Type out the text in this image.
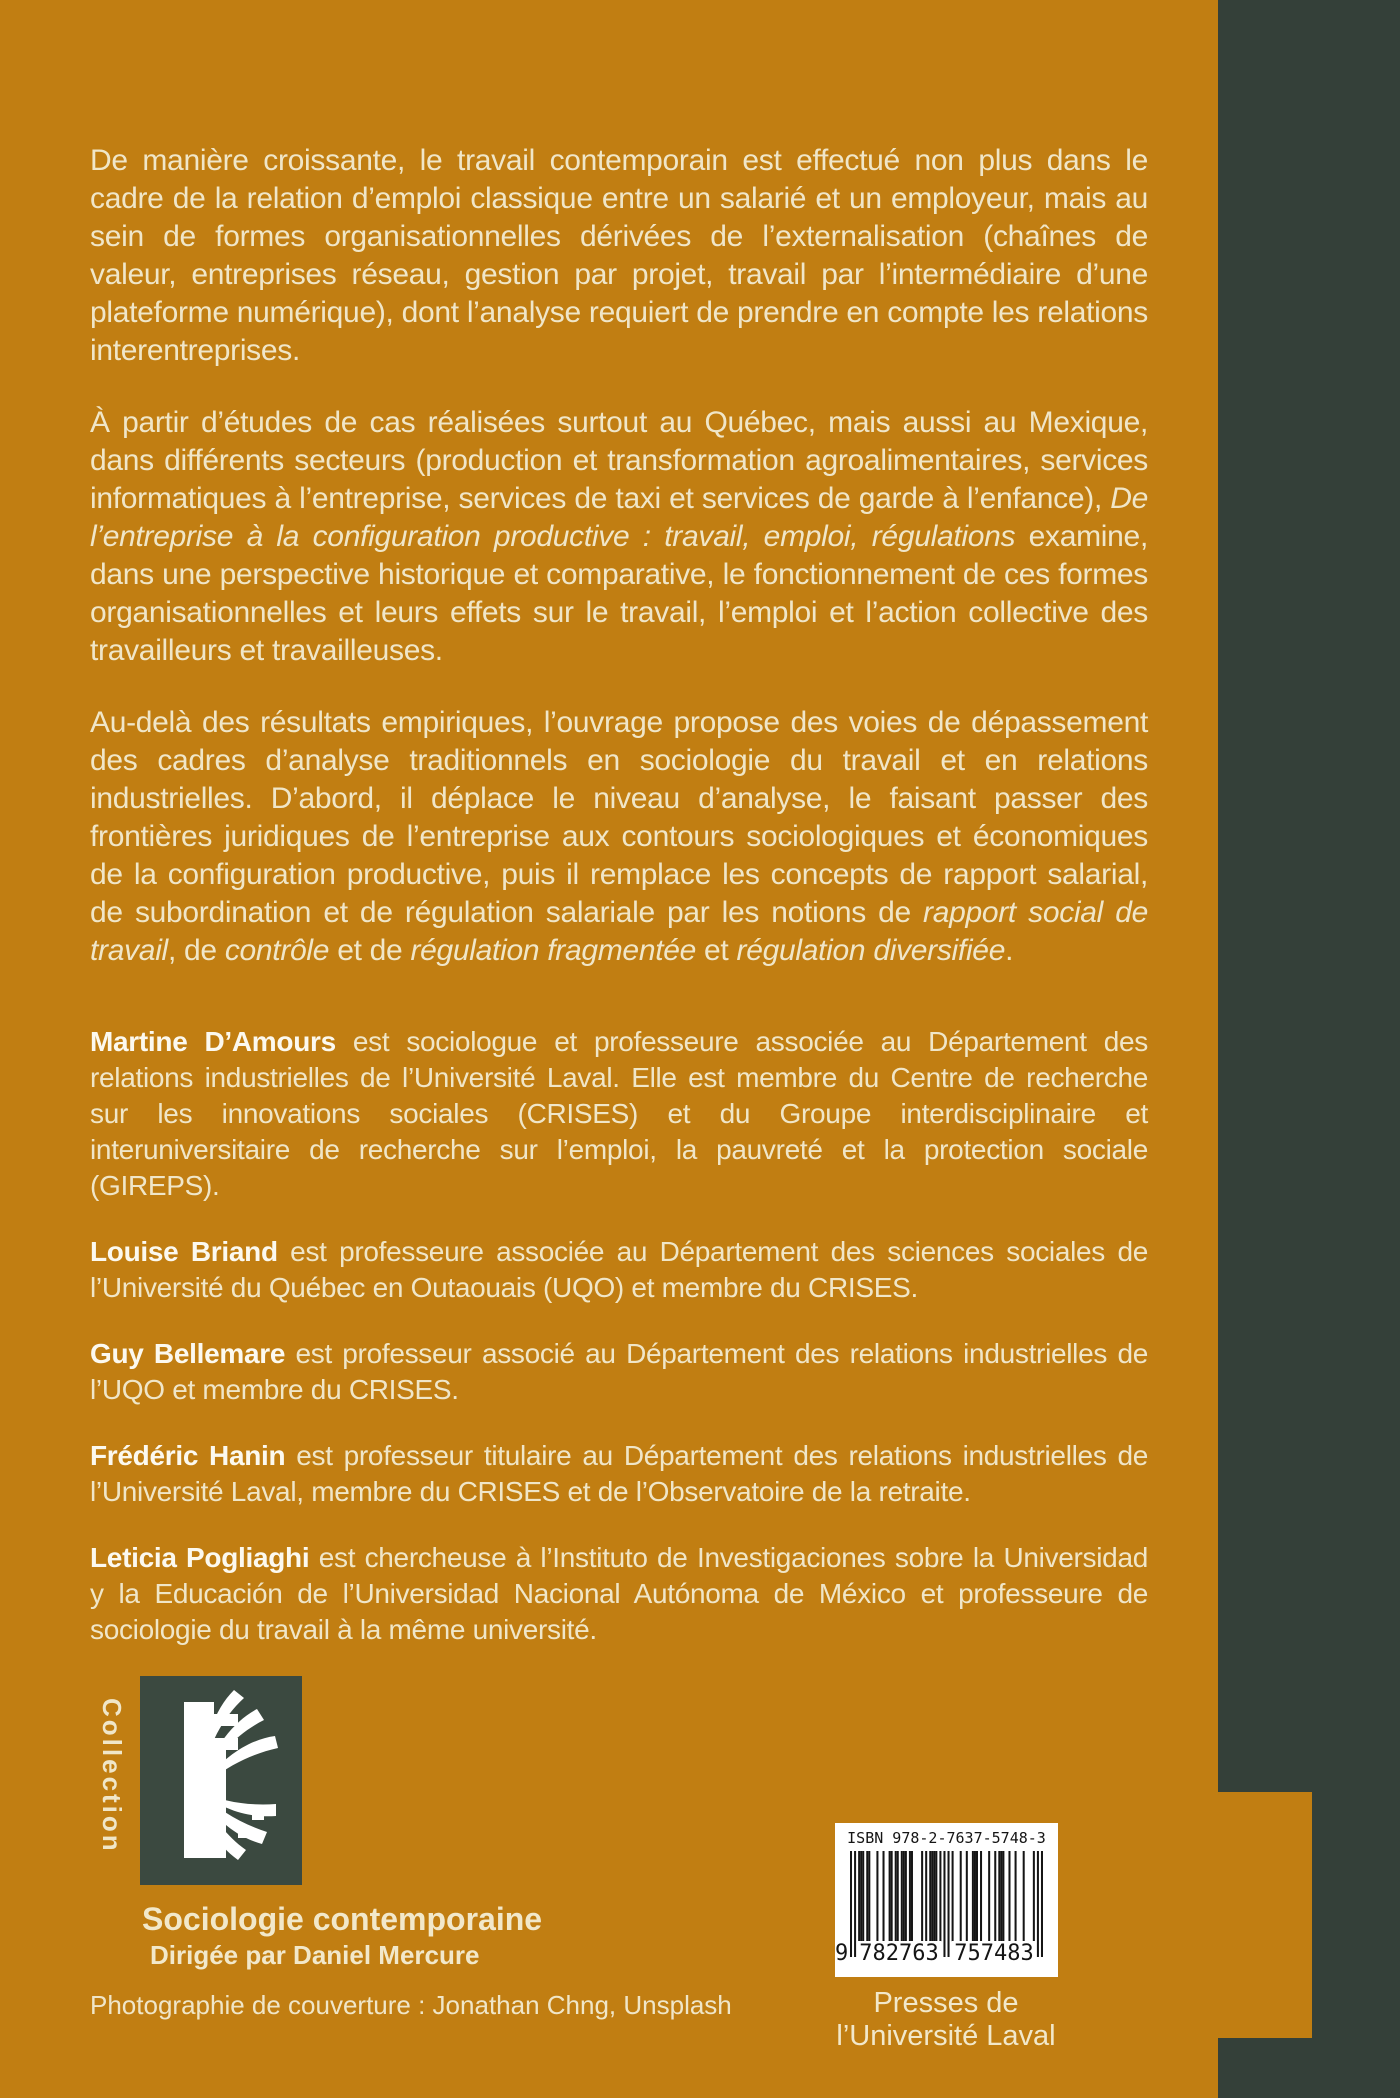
De manière croissante, le travail contemporain est effectué non plus dans le cadre de la relation d’emploi classique entre un salarié et un employeur, mais au sein de formes organisationnelles dérivées de l’externalisation (chaînes de valeur, entreprises réseau, gestion par projet, travail par l’intermédiaire d’une plateforme numérique), dont l’analyse requiert de prendre en compte les relations interentreprises.

À partir d’études de cas réalisées surtout au Québec, mais aussi au Mexique, dans différents secteurs (production et transformation agroalimentaires, services informatiques à l’entreprise, services de taxi et services de garde à l’enfance), De l’entreprise à la configuration productive : travail, emploi, régulations examine, dans une perspective historique et comparative, le fonctionnement de ces formes organisationnelles et leurs effets sur le travail, l’emploi et l’action collective des travailleurs et travailleuses.

Au-delà des résultats empiriques, l’ouvrage propose des voies de dépassement des cadres d’analyse traditionnels en sociologie du travail et en relations industrielles. D’abord, il déplace le niveau d’analyse, le faisant passer des frontières juridiques de l’entreprise aux contours sociologiques et économiques de la configuration productive, puis il remplace les concepts de rapport salarial, de subordination et de régulation salariale par les notions de rapport social de travail, de contrôle et de régulation fragmentée et régulation diversifiée.

Martine D’Amours est sociologue et professeure associée au Département des relations industrielles de l’Université Laval. Elle est membre du Centre de recherche sur les innovations sociales (CRISES) et du Groupe interdisciplinaire et interuniversitaire de recherche sur l’emploi, la pauvreté et la protection sociale (GIREPS).

Louise Briand est professeure associée au Département des sciences sociales de l’Université du Québec en Outaouais (UQO) et membre du CRISES.

Guy Bellemare est professeur associé au Département des relations industrielles de l’UQO et membre du CRISES.

Frédéric Hanin est professeur titulaire au Département des relations industrielles de l’Université Laval, membre du CRISES et de l’Observatoire de la retraite.

Leticia Pogliaghi est chercheuse à l’Instituto de Investigaciones sobre la Universidad y la Educación de l’Universidad Nacional Autónoma de México et professeure de sociologie du travail à la même université.

Collection
Sociologie contemporaine
Dirigée par Daniel Mercure
ISBN 978-2-7637-5748-3
9 782763 757483
Photographie de couverture : Jonathan Chng, Unsplash	Presses de l’Université Laval
